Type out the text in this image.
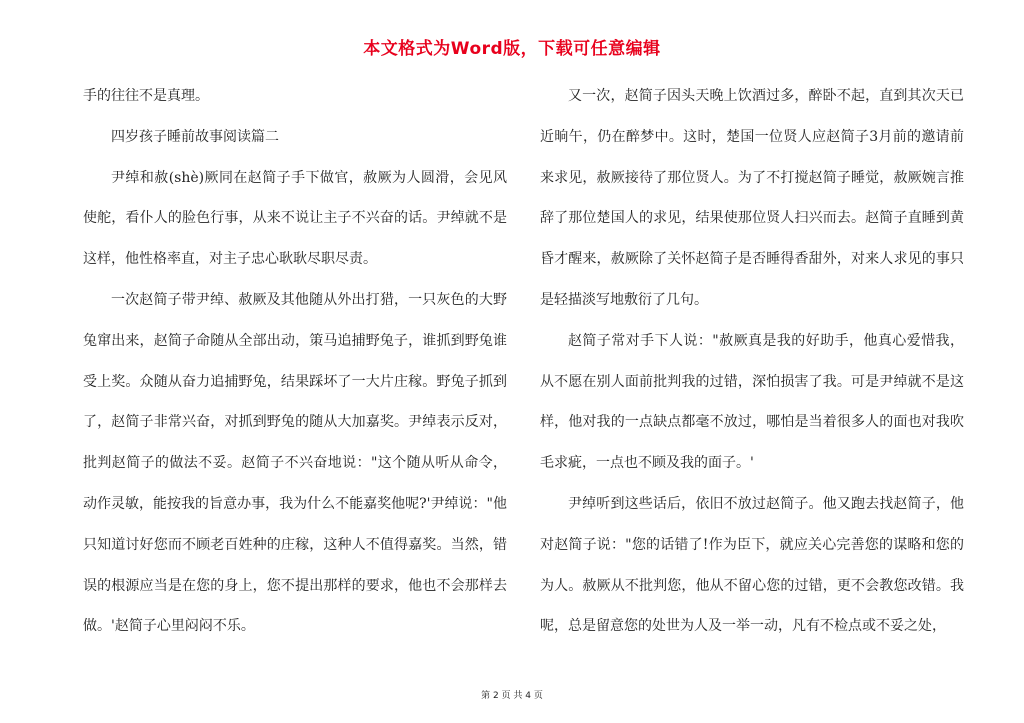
本文格式为Word版，下载可任意编辑

手的往往不是真理。

四岁孩子睡前故事阅读篇二

尹绰和赦(shè)厥同在赵简子手下做官，赦厥为人圆滑，会见风使舵，看仆人的脸色行事，从来不说让主子不兴奋的话。尹绰就不是这样，他性格率直，对主子忠心耿耿尽职尽责。

一次赵简子带尹绰、赦厥及其他随从外出打猎，一只灰色的大野兔窜出来，赵简子命随从全部出动，策马追捕野兔子，谁抓到野兔谁受上奖。众随从奋力追捕野兔，结果踩坏了一大片庄稼。野兔子抓到了，赵简子非常兴奋，对抓到野兔的随从大加嘉奖。尹绰表示反对，批判赵简子的做法不妥。赵简子不兴奋地说："这个随从听从命令，动作灵敏，能按我的旨意办事，我为什么不能嘉奖他呢?'尹绰说："他只知道讨好您而不顾老百姓种的庄稼，这种人不值得嘉奖。当然，错误的根源应当是在您的身上，您不提出那样的要求，他也不会那样去做。'赵简子心里闷闷不乐。

又一次，赵简子因头天晚上饮酒过多，醉卧不起，直到其次天已近晌午，仍在醉梦中。这时，楚国一位贤人应赵简子3月前的邀请前来求见，赦厥接待了那位贤人。为了不打搅赵简子睡觉，赦厥婉言推辞了那位楚国人的求见，结果使那位贤人扫兴而去。赵简子直睡到黄昏才醒来，赦厥除了关怀赵简子是否睡得香甜外，对来人求见的事只是轻描淡写地敷衍了几句。

赵简子常对手下人说："赦厥真是我的好助手，他真心爱惜我，从不愿在别人面前批判我的过错，深怕损害了我。可是尹绰就不是这样，他对我的一点缺点都毫不放过，哪怕是当着很多人的面也对我吹毛求疵，一点也不顾及我的面子。'

尹绰听到这些话后，依旧不放过赵简子。他又跑去找赵简子，他对赵简子说："您的话错了!作为臣下，就应关心完善您的谋略和您的为人。赦厥从不批判您，他从不留心您的过错，更不会教您改错。我呢，总是留意您的处世为人及一举一动，凡有不检点或不妥之处，

第 2 页 共 4 页
